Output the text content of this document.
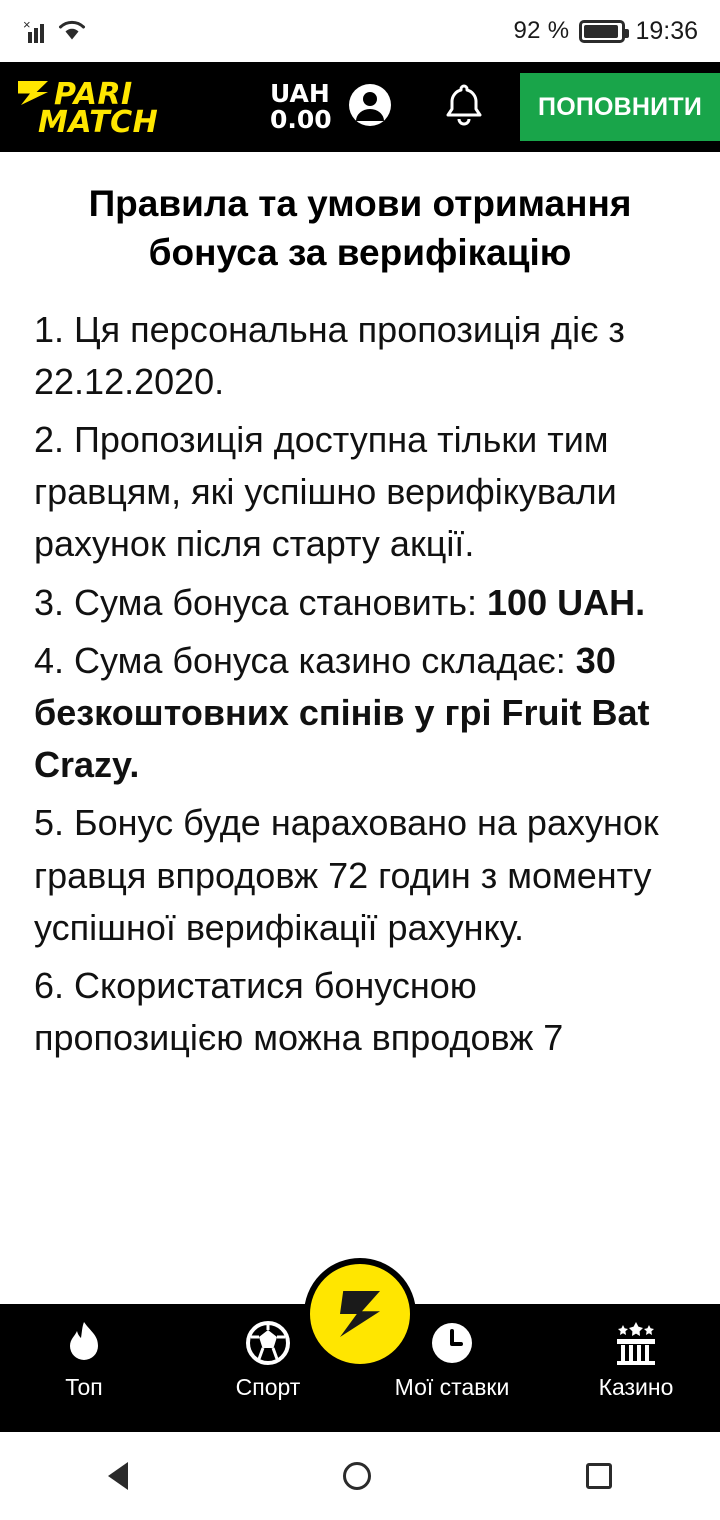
×	92 %	19:36
PARI
MATCH
UAH
0.00	ПОПОВНИТИ
Правила та умови отримання бонуса за верифікацію

1. Ця персональна пропозиція діє з 22.12.2020.

2. Пропозиція доступна тільки тим гравцям, які успішно верифікували рахунок після старту акції.

3. Сума бонуса становить: 100 UAH.

4. Сума бонуса казино складає: 30 безкоштовних спінів у грі Fruit Bat Crazy.

5. Бонус буде нараховано на рахунок гравця впродовж 72 годин з моменту успішної верифікації рахунку.

6. Скористатися бонусною пропозицією можна впродовж 7

Топ	Спорт	Мої ставки	Казино
